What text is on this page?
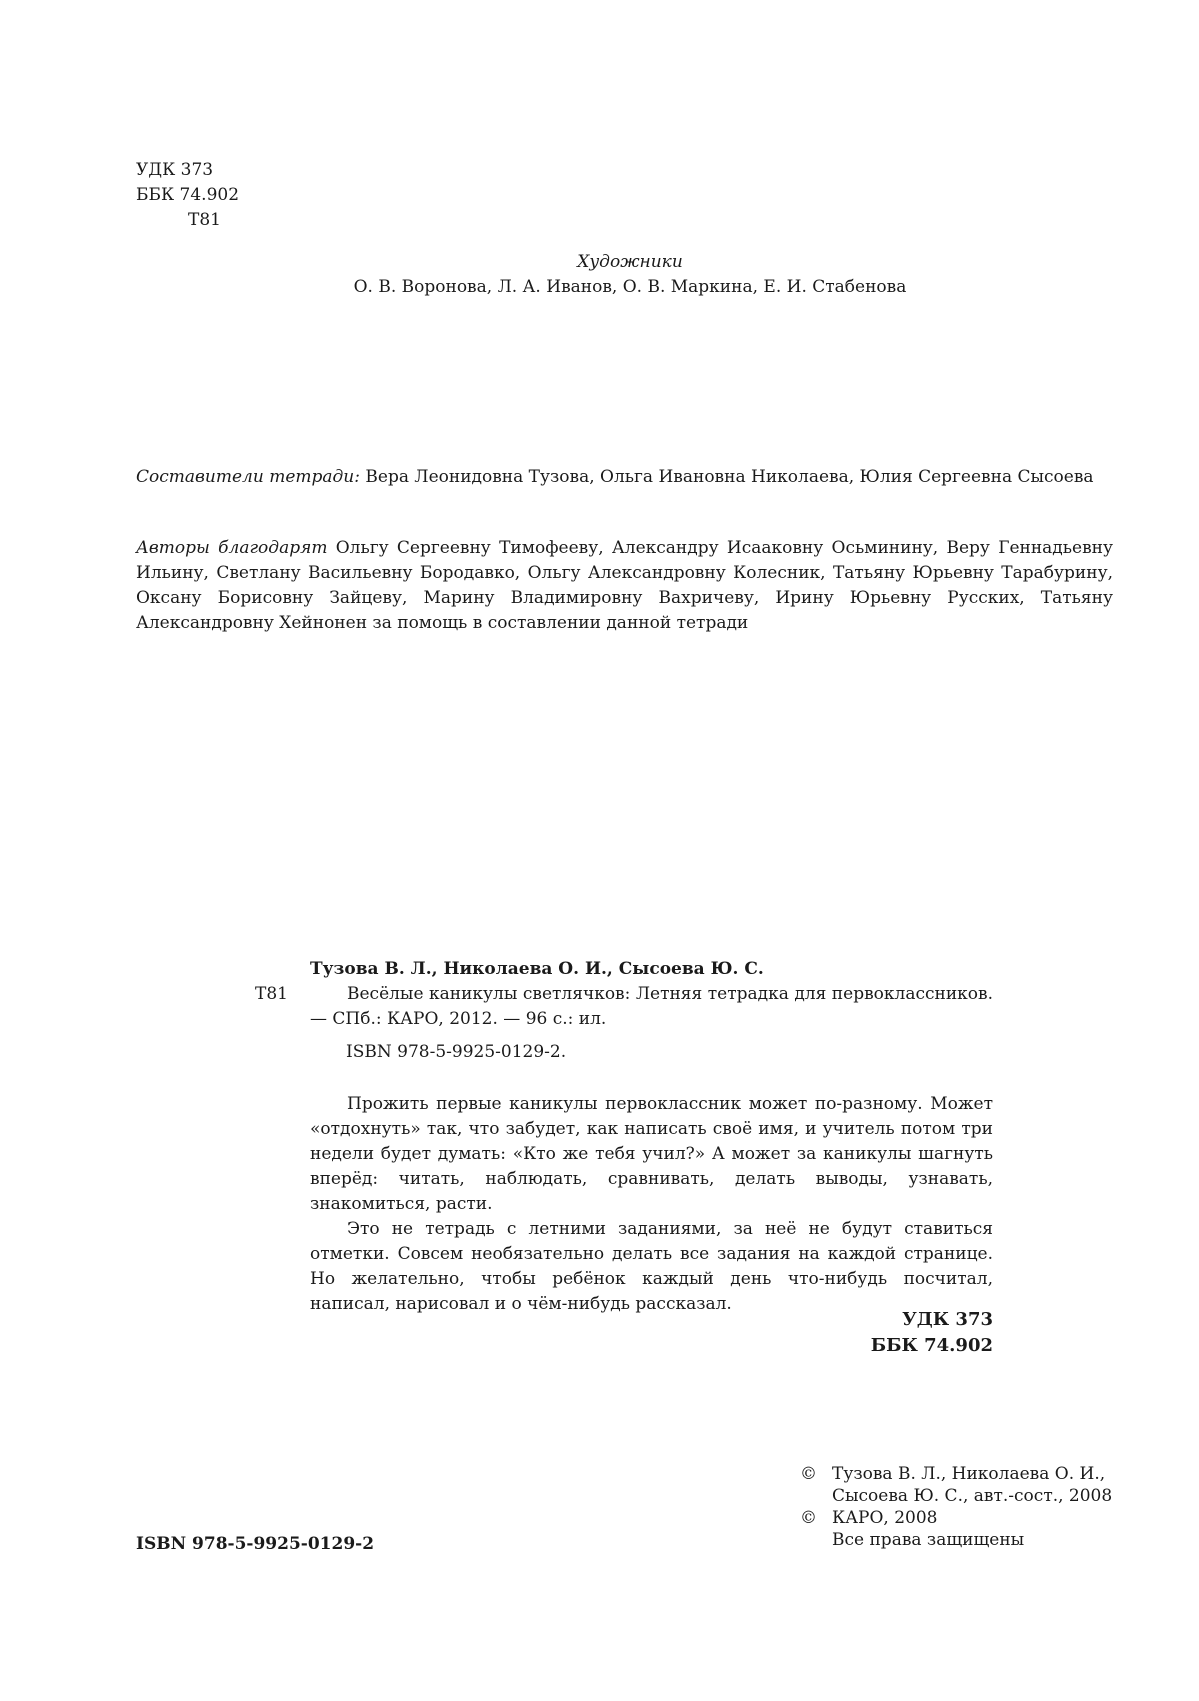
УДК 373
ББК 74.902
Т81
Художники
О. В. Воронова, Л. А. Иванов, О. В. Маркина, Е. И. Стабенова
Составители тетради: Вера Леонидовна Тузова, Ольга Ивановна Николаева, Юлия Сергеевна Сысоева
Авторы благодарят Ольгу Сергеевну Тимофееву, Александру Исааковну Осьминину, Веру Геннадьевну Ильину, Светлану Васильевну Бородавко, Ольгу Александровну Колесник, Татьяну Юрьевну Тарабурину, Оксану Борисовну Зайцеву, Марину Владимировну Вахричеву, Ирину Юрьевну Русских, Татьяну Александровну Хейнонен за помощь в составлении данной тетради
Тузова В. Л., Николаева О. И., Сысоева Ю. С.
Т81	Весёлые каникулы светлячков: Летняя тетрадка для первоклассников. — СПб.: КАРО, 2012. — 96 с.: ил.
ISBN 978-5-9925-0129-2.

Прожить первые каникулы первоклассник может по-разному. Может «отдохнуть» так, что забудет, как написать своё имя, и учитель потом три недели будет думать: «Кто же тебя учил?» А может за каникулы шагнуть вперёд: читать, наблюдать, сравнивать, делать выводы, узнавать, знакомиться, расти.

Это не тетрадь с летними заданиями, за неё не будут ставиться отметки. Совсем необязательно делать все задания на каждой странице. Но желательно, чтобы ребёнок каждый день что-нибудь посчитал, написал, нарисовал и о чём-нибудь рассказал.

УДК 373
ББК 74.902
© Тузова В. Л., Николаева О. И.,
Сысоева Ю. С., авт.-сост., 2008
© КАРО, 2008
Все права защищены
ISBN 978-5-9925-0129-2
